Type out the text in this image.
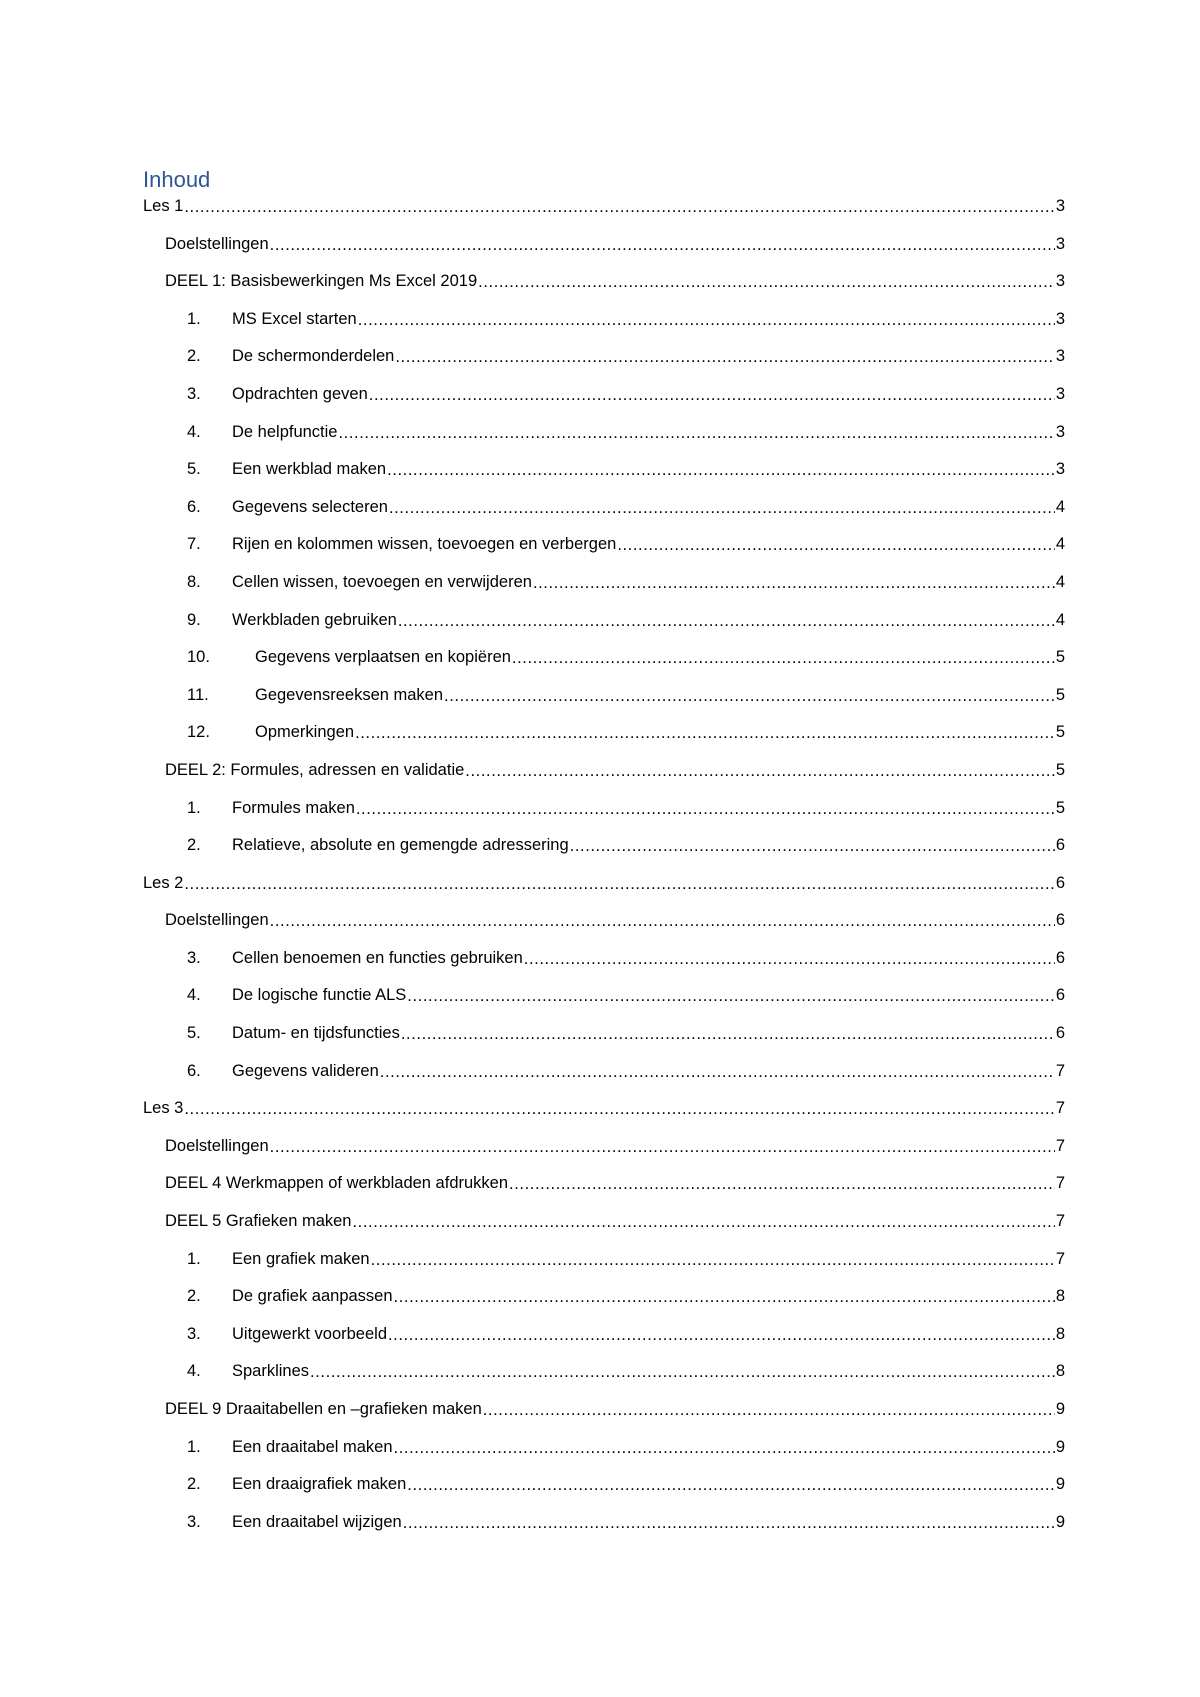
Inhoud
Les 1 .....	3
Doelstellingen .....	3
DEEL 1: Basisbewerkingen Ms Excel 2019 .....	3
1.	MS Excel starten .....	3
2.	De schermonderdelen .....	3
3.	Opdrachten geven .....	3
4.	De helpfunctie .....	3
5.	Een werkblad maken .....	3
6.	Gegevens selecteren .....	4
7.	Rijen en kolommen wissen, toevoegen en verbergen .....	4
8.	Cellen wissen, toevoegen en verwijderen .....	4
9.	Werkbladen gebruiken .....	4
10.	Gegevens verplaatsen en kopiëren .....	5
11.	Gegevensreeksen maken .....	5
12.	Opmerkingen .....	5
DEEL 2: Formules, adressen en validatie .....	5
1.	Formules maken .....	5
2.	Relatieve, absolute en gemengde adressering .....	6
Les 2 .....	6
Doelstellingen .....	6
3.	Cellen benoemen en functies gebruiken .....	6
4.	De logische functie ALS .....	6
5.	Datum- en tijdsfuncties .....	6
6.	Gegevens valideren .....	7
Les 3 .....	7
Doelstellingen .....	7
DEEL 4 Werkmappen of werkbladen afdrukken .....	7
DEEL 5 Grafieken maken .....	7
1.	Een grafiek maken .....	7
2.	De grafiek aanpassen .....	8
3.	Uitgewerkt voorbeeld .....	8
4.	Sparklines .....	8
DEEL 9 Draaitabellen en –grafieken maken .....	9
1.	Een draaitabel maken .....	9
2.	Een draaigrafiek maken .....	9
3.	Een draaitabel wijzigen .....	9
